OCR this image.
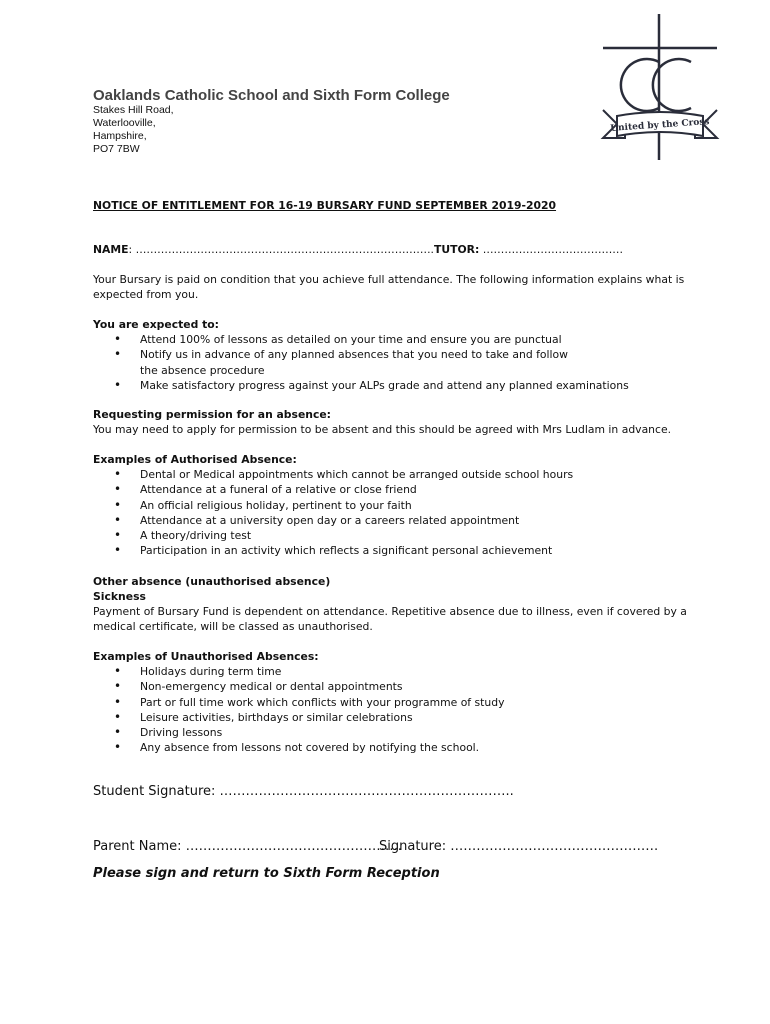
Oaklands Catholic School and Sixth Form College
Stakes Hill Road,
Waterlooville,
Hampshire,
PO7 7BW
United by the Cross
NOTICE OF ENTITLEMENT FOR 16-19 BURSARY FUND SEPTEMBER 2019-2020
NAME: ……………………………………………………………………….. TUTOR: …………………………………
Your Bursary is paid on condition that you achieve full attendance. The following information explains what is expected from you.
You are expected to:
• Attend 100% of lessons as detailed on your time and ensure you are punctual
• Notify us in advance of any planned absences that you need to take and follow the absence procedure
• Make satisfactory progress against your ALPs grade and attend any planned examinations
Requesting permission for an absence:
You may need to apply for permission to be absent and this should be agreed with Mrs Ludlam in advance.
Examples of Authorised Absence:
• Dental or Medical appointments which cannot be arranged outside school hours
• Attendance at a funeral of a relative or close friend
• An official religious holiday, pertinent to your faith
• Attendance at a university open day or a careers related appointment
• A theory/driving test
• Participation in an activity which reflects a significant personal achievement
Other absence (unauthorised absence)
Sickness
Payment of Bursary Fund is dependent on attendance. Repetitive absence due to illness, even if covered by a medical certificate, will be classed as unauthorised.
Examples of Unauthorised Absences:
• Holidays during term time
• Non-emergency medical or dental appointments
• Part or full time work which conflicts with your programme of study
• Leisure activities, birthdays or similar celebrations
• Driving lessons
• Any absence from lessons not covered by notifying the school.
Student Signature: …………………………………………………………..
Parent Name: …………………………………………..
Signature: …………………………………………
Please sign and return to Sixth Form Reception
